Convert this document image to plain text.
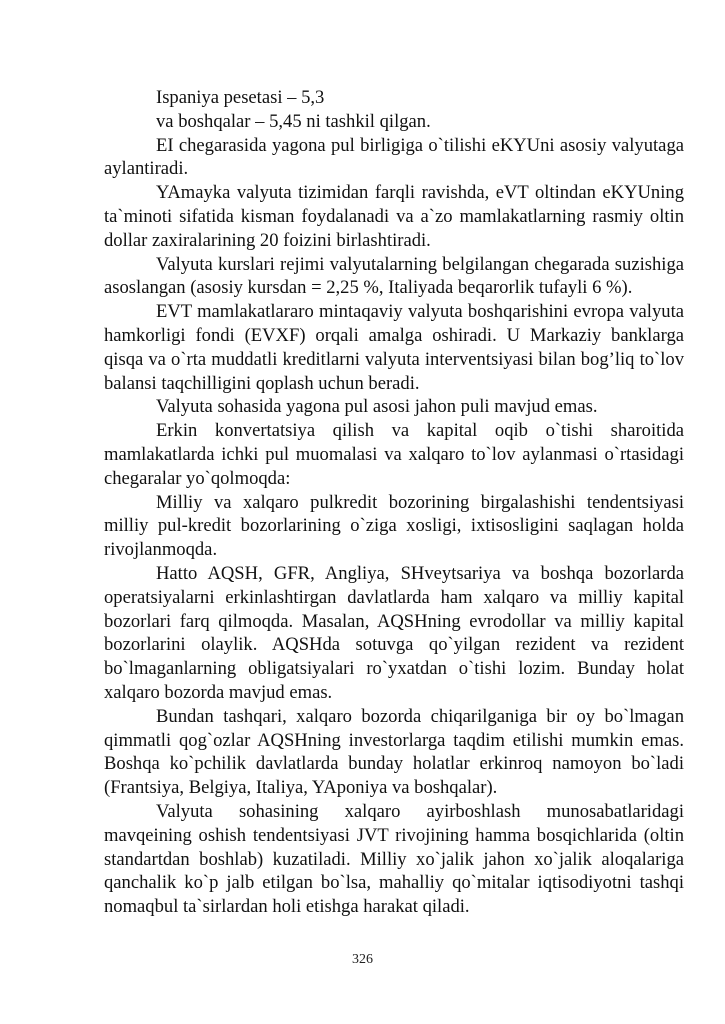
Ispaniya pesetasi – 5,3

va boshqalar – 5,45 ni tashkil qilgan.

EI chegarasida yagona pul birligiga o`tilishi eKYUni asosiy valyutaga aylantiradi.

YAmayka valyuta tizimidan farqli ravishda, eVT oltindan eKYUning ta`minoti sifatida kisman foydalanadi va a`zo mamlakatlarning rasmiy oltin dollar zaxiralarining 20 foizini birlashtiradi.

Valyuta kurslari rejimi valyutalarning belgilangan chegarada suzishiga asoslangan (asosiy kursdan = 2,25 %, Italiyada beqarorlik tufayli 6 %).

EVT mamlakatlararo mintaqaviy valyuta boshqarishini evropa valyuta hamkorligi fondi (EVXF) orqali amalga oshiradi. U Markaziy banklarga qisqa va o`rta muddatli kreditlarni valyuta interventsiyasi bilan bog’liq to`lov balansi taqchilligini qoplash uchun beradi.

Valyuta sohasida yagona pul asosi jahon puli mavjud emas.

Erkin konvertatsiya qilish va kapital oqib o`tishi sharoitida mamlakatlarda ichki pul muomalasi va xalqaro to`lov aylanmasi o`rtasidagi chegaralar yo`qolmoqda:

Milliy va xalqaro pulkredit bozorining birgalashishi tendentsiyasi milliy pul-kredit bozorlarining o`ziga xosligi, ixtisosligini saqlagan holda rivojlanmoqda.

Hatto AQSH, GFR, Angliya, SHveytsariya va boshqa bozorlarda operatsiyalarni erkinlashtirgan davlatlarda ham xalqaro va milliy kapital bozorlari farq qilmoqda. Masalan, AQSHning evrodollar va milliy kapital bozorlarini olaylik. AQSHda sotuvga qo`yilgan rezident va rezident bo`lmaganlarning obligatsiyalari ro`yxatdan o`tishi lozim. Bunday holat xalqaro bozorda mavjud emas.

Bundan tashqari, xalqaro bozorda chiqarilganiga bir oy bo`lmagan qimmatli qog`ozlar AQSHning investorlarga taqdim etilishi mumkin emas. Boshqa ko`pchilik davlatlarda bunday holatlar erkinroq namoyon bo`ladi (Frantsiya, Belgiya, Italiya, YAponiya va boshqalar).

Valyuta sohasining xalqaro ayirboshlash munosabatlaridagi mavqeining oshish tendentsiyasi JVT rivojining hamma bosqichlarida (oltin standartdan boshlab) kuzatiladi. Milliy xo`jalik jahon xo`jalik aloqalariga qanchalik ko`p jalb etilgan bo`lsa, mahalliy qo`mitalar iqtisodiyotni tashqi nomaqbul ta`sirlardan holi etishga harakat qiladi.

326
